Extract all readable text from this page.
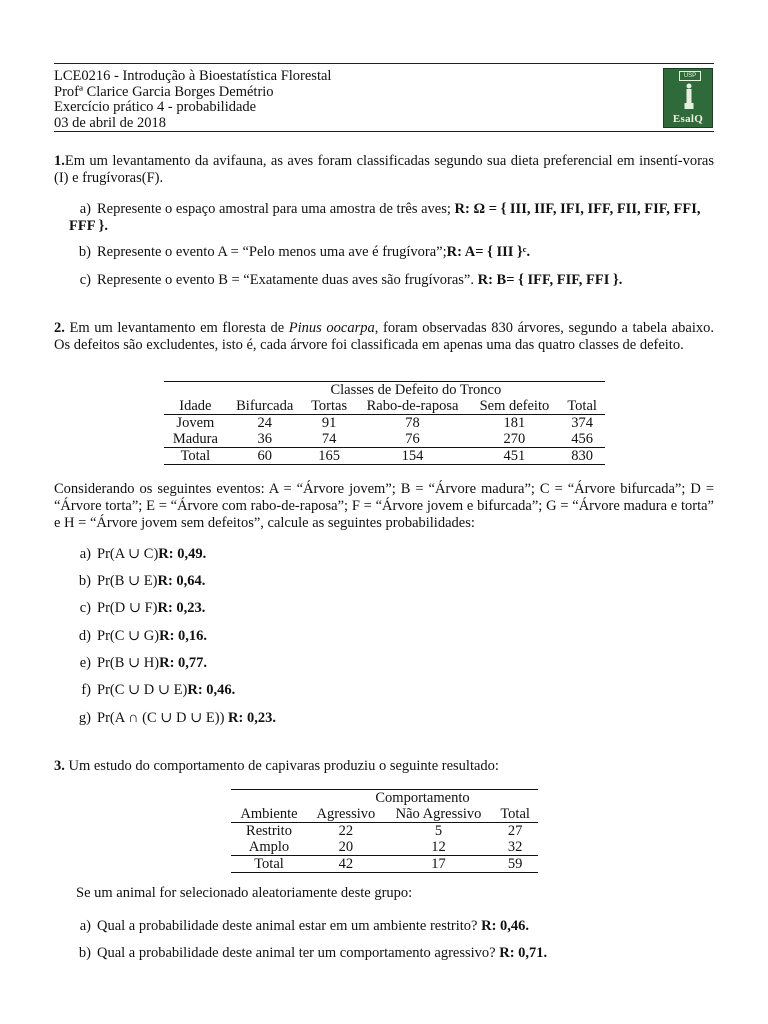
LCE0216 - Introdução à Bioestatística Florestal
Profª Clarice Garcia Borges Demétrio
Exercício prático 4 - probabilidade
03 de abril de 2018
USP
EsalQ
1.Em um levantamento da avifauna, as aves foram classificadas segundo sua dieta preferencial em insentí-voras (I) e frugívoras(F).
a) Represente o espaço amostral para uma amostra de três aves; R: Ω = { III, IIF, IFI, IFF, FII, FIF, FFI, FFF }.
b) Represente o evento A = “Pelo menos uma ave é frugívora”;R: A= { III }ᶜ.
c) Represente o evento B = “Exatamente duas aves são frugívoras”. R: B= { IFF, FIF, FFI }.
2. Em um levantamento em floresta de Pinus oocarpa, foram observadas 830 árvores, segundo a tabela abaixo. Os defeitos são excludentes, isto é, cada árvore foi classificada em apenas uma das quatro classes de defeito.
	Classes de Defeito do Tronco				
Idade	Bifurcada	Tortas	Rabo-de-raposa	Sem defeito	Total
Jovem	24	91	78	181	374
Madura	36	74	76	270	456
Total	60	165	154	451	830
Considerando os seguintes eventos: A = “Árvore jovem”; B = “Árvore madura”; C = “Árvore bifurcada”; D = “Árvore torta”; E = “Árvore com rabo-de-raposa”; F = “Árvore jovem e bifurcada”; G = “Árvore madura e torta” e H = “Árvore jovem sem defeitos”, calcule as seguintes probabilidades:
a) Pr(A ∪ C)R: 0,49.
b) Pr(B ∪ E)R: 0,64.
c) Pr(D ∪ F)R: 0,23.
d) Pr(C ∪ G)R: 0,16.
e) Pr(B ∪ H)R: 0,77.
f) Pr(C ∪ D ∪ E)R: 0,46.
g) Pr(A ∩ (C ∪ D ∪ E)) R: 0,23.
3. Um estudo do comportamento de capivaras produziu o seguinte resultado:
	Comportamento		
Ambiente	Agressivo	Não Agressivo	Total
Restrito	22	5	27
Amplo	20	12	32
Total	42	17	59
Se um animal for selecionado aleatoriamente deste grupo:
a) Qual a probabilidade deste animal estar em um ambiente restrito? R: 0,46.
b) Qual a probabilidade deste animal ter um comportamento agressivo? R: 0,71.
